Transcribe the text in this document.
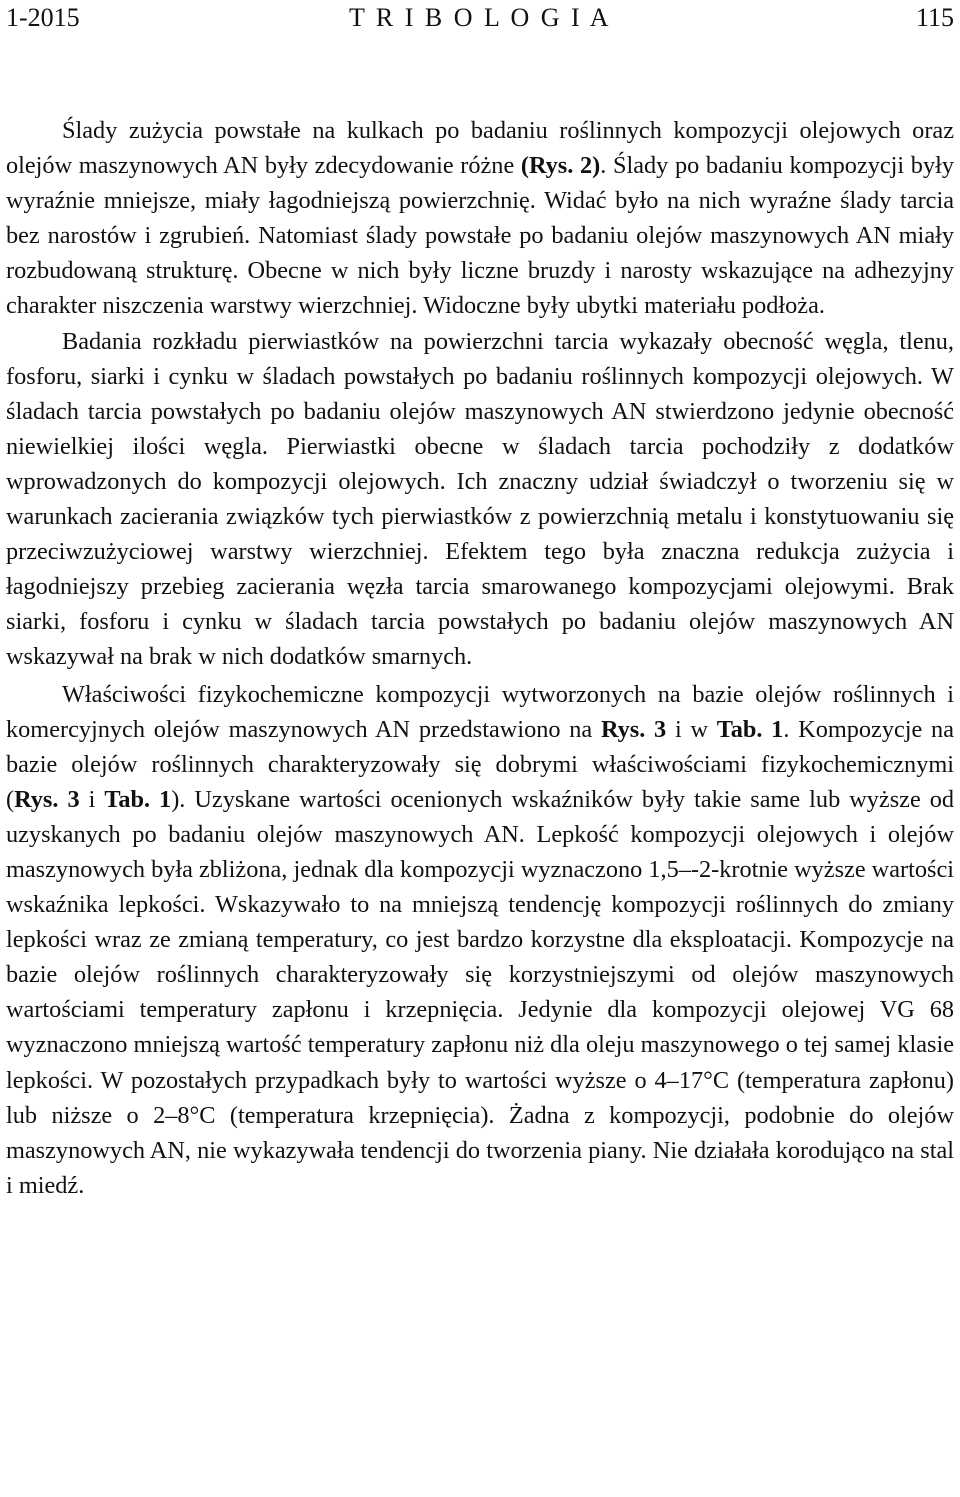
1-2015	T R I B O L O G I A	115

Ślady zużycia powstałe na kulkach po badaniu roślinnych kompozycji olejowych oraz olejów maszynowych AN były zdecydowanie różne (Rys. 2). Ślady po badaniu kompozycji były wyraźnie mniejsze, miały łagodniejszą powierzchnię. Widać było na nich wyraźne ślady tarcia bez narostów i zgrubień. Natomiast ślady powstałe po badaniu olejów maszynowych AN miały rozbudowaną strukturę. Obecne w nich były liczne bruzdy i narosty wskazujące na adhezyjny charakter niszczenia warstwy wierzchniej. Widoczne były ubytki materiału podłoża.

Badania rozkładu pierwiastków na powierzchni tarcia wykazały obecność węgla, tlenu, fosforu, siarki i cynku w śladach powstałych po badaniu roślinnych kompozycji olejowych. W śladach tarcia powstałych po badaniu olejów maszynowych AN stwierdzono jedynie obecność niewielkiej ilości węgla. Pierwiastki obecne w śladach tarcia pochodziły z dodatków wprowadzonych do kompozycji olejowych. Ich znaczny udział świadczył o tworzeniu się w warunkach zacierania związków tych pierwiastków z powierzchnią metalu i konstytuowaniu się przeciwzużyciowej warstwy wierzchniej. Efektem tego była znaczna redukcja zużycia i łagodniejszy przebieg zacierania węzła tarcia smarowanego kompozycjami olejowymi. Brak siarki, fosforu i cynku w śladach tarcia powstałych po badaniu olejów maszynowych AN wskazywał na brak w nich dodatków smarnych.

Właściwości fizykochemiczne kompozycji wytworzonych na bazie olejów roślinnych i komercyjnych olejów maszynowych AN przedstawiono na Rys. 3 i w Tab. 1. Kompozycje na bazie olejów roślinnych charakteryzowały się dobrymi właściwościami fizykochemicznymi (Rys. 3 i Tab. 1). Uzyskane wartości ocenionych wskaźników były takie same lub wyższe od uzyskanych po badaniu olejów maszynowych AN. Lepkość kompozycji olejowych i olejów maszynowych była zbliżona, jednak dla kompozycji wyznaczono 1,5–‑2-krotnie wyższe wartości wskaźnika lepkości. Wskazywało to na mniejszą tendencję kompozycji roślinnych do zmiany lepkości wraz ze zmianą temperatury, co jest bardzo korzystne dla eksploatacji. Kompozycje na bazie olejów roślinnych charakteryzowały się korzystniejszymi od olejów maszynowych wartościami temperatury zapłonu i krzepnięcia. Jedynie dla kompozycji olejowej VG 68 wyznaczono mniejszą wartość temperatury zapłonu niż dla oleju maszynowego o tej samej klasie lepkości. W pozostałych przypadkach były to wartości wyższe o 4–17°C (temperatura zapłonu) lub niższe o 2–8°C (temperatura krzepnięcia). Żadna z kompozycji, podobnie do olejów maszynowych AN, nie wykazywała tendencji do tworzenia piany. Nie działała korodująco na stal i miedź.
